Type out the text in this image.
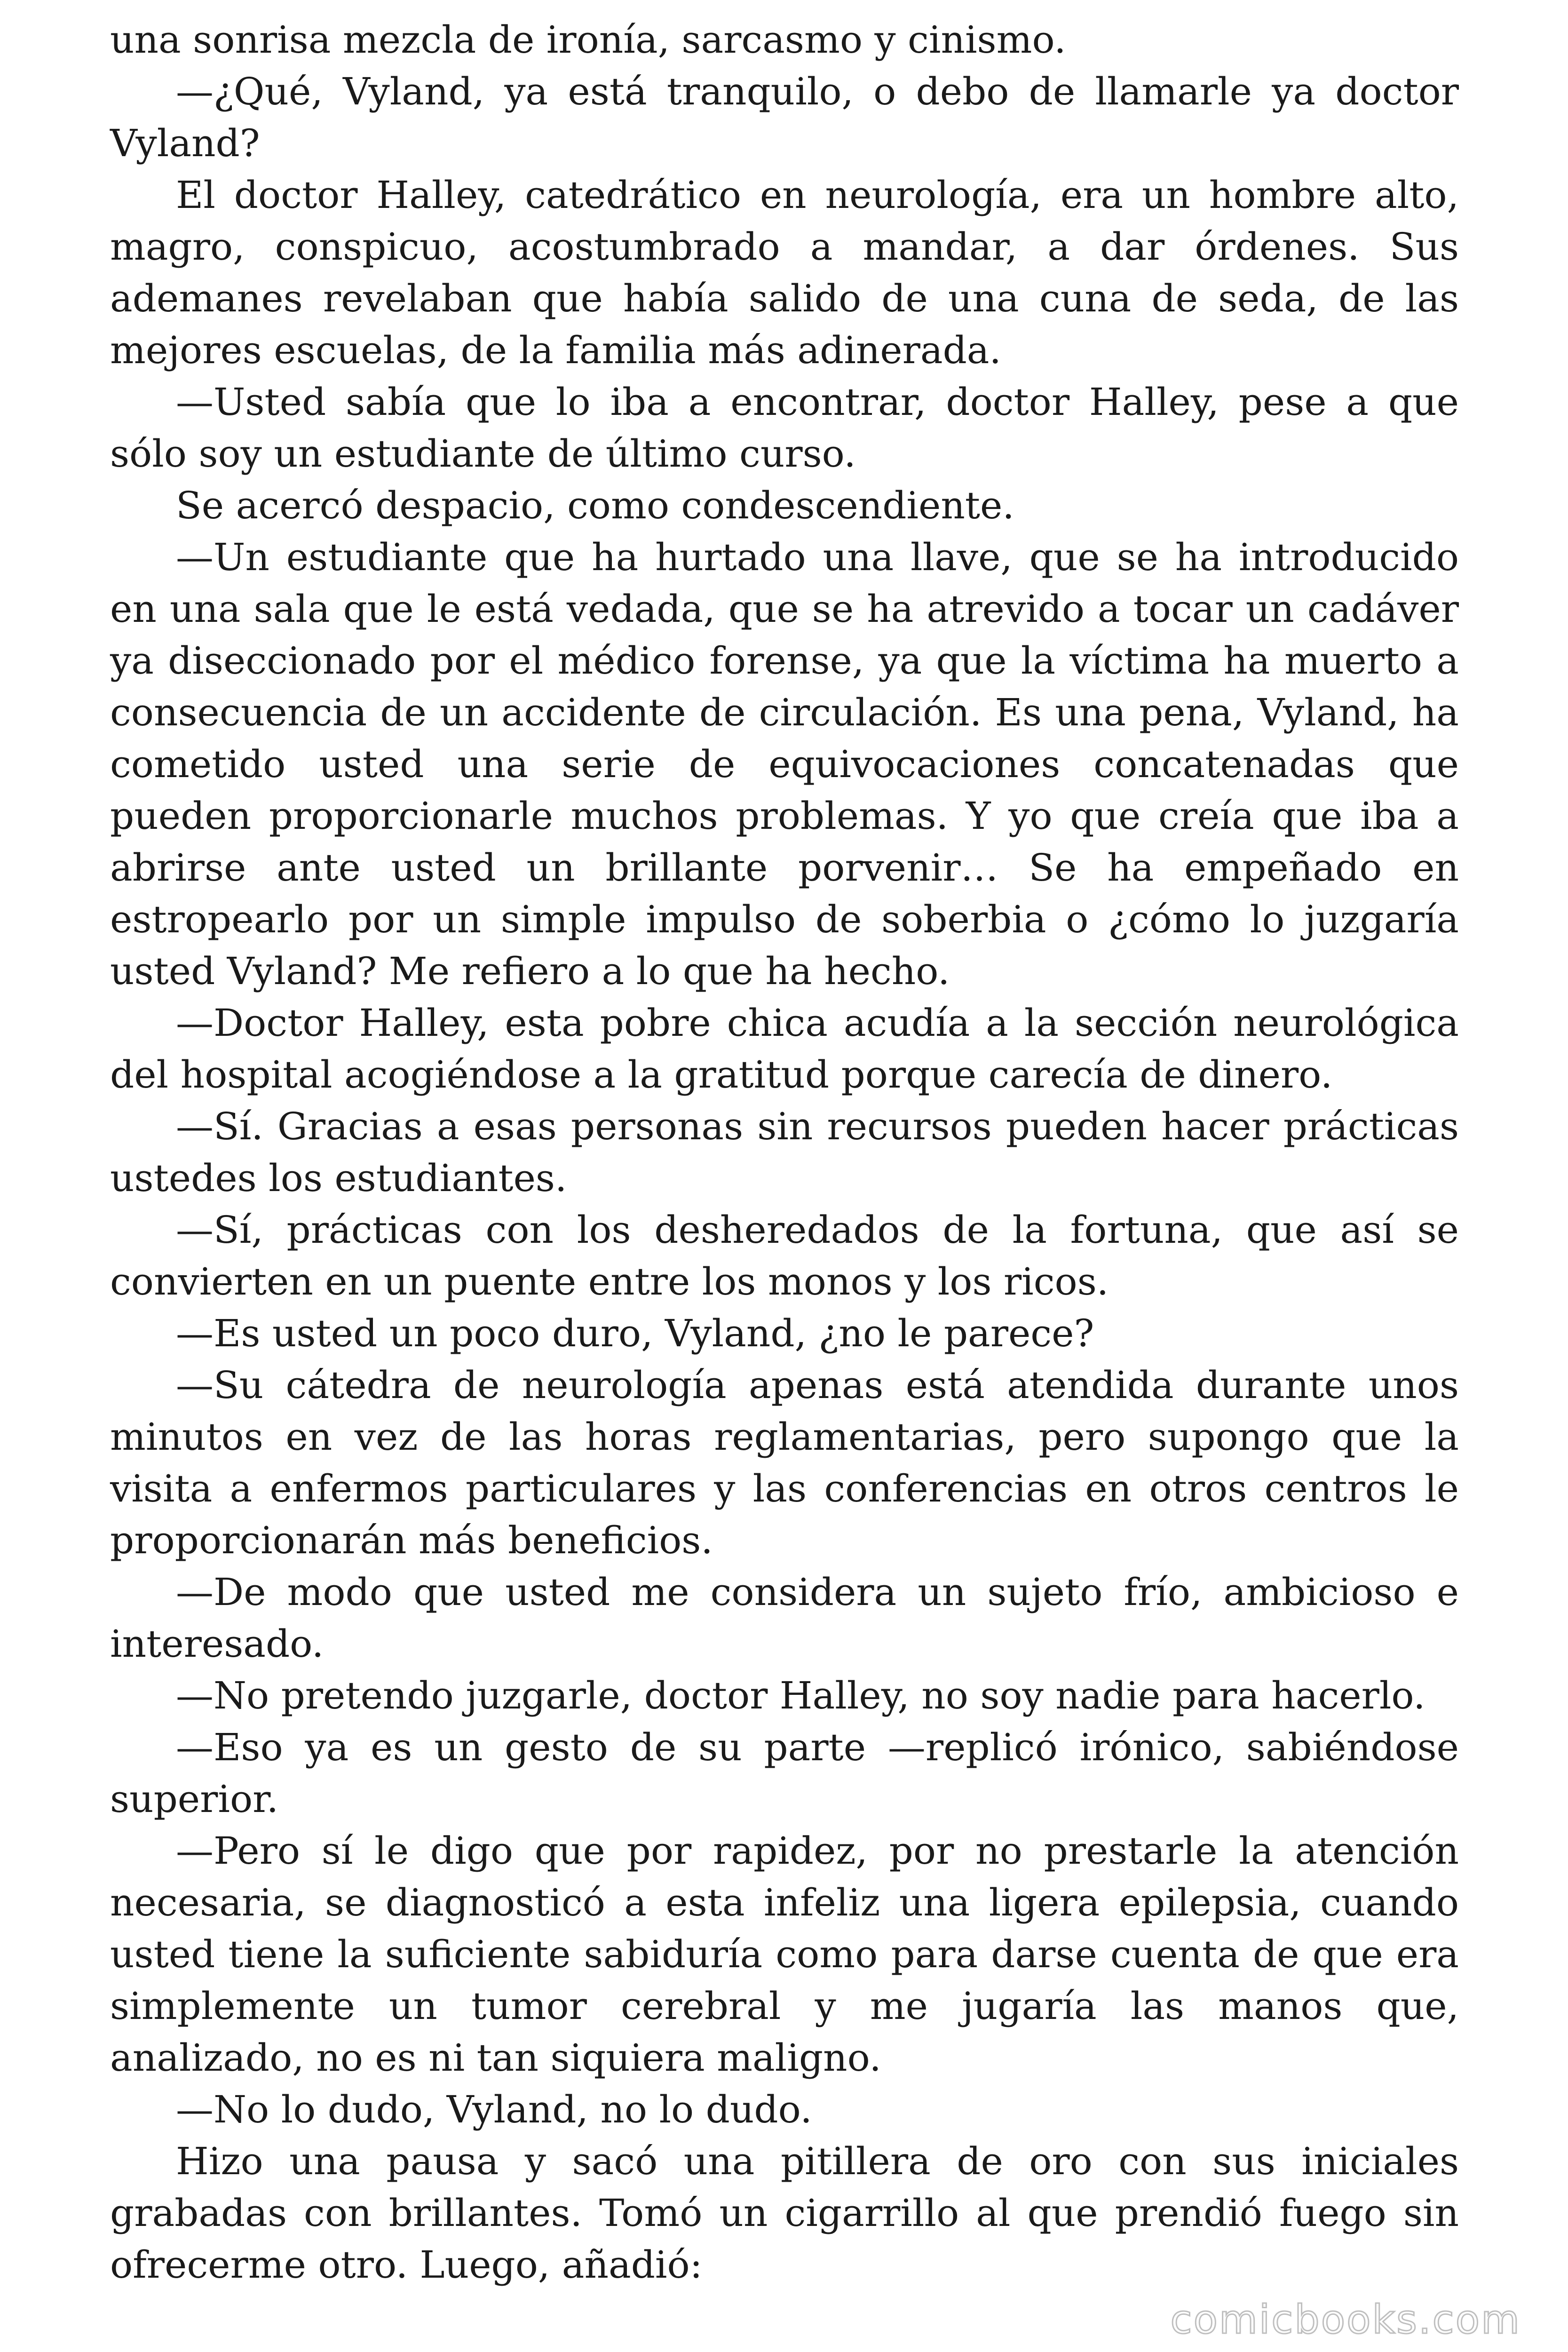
una sonrisa mezcla de ironía, sarcasmo y cinismo.

—¿Qué, Vyland, ya está tranquilo, o debo de llamarle ya doctor Vyland?

El doctor Halley, catedrático en neurología, era un hombre alto, magro, conspicuo, acostumbrado a mandar, a dar órdenes. Sus ademanes revelaban que había salido de una cuna de seda, de las mejores escuelas, de la familia más adinerada.

—Usted sabía que lo iba a encontrar, doctor Halley, pese a que sólo soy un estudiante de último curso.

Se acercó despacio, como condescendiente.

—Un estudiante que ha hurtado una llave, que se ha introducido en una sala que le está vedada, que se ha atrevido a tocar un cadáver ya diseccionado por el médico forense, ya que la víctima ha muerto a consecuencia de un accidente de circulación. Es una pena, Vyland, ha cometido usted una serie de equivocaciones concatenadas que pueden proporcionarle muchos problemas. Y yo que creía que iba a abrirse ante usted un brillante porvenir… Se ha empeñado en estropearlo por un simple impulso de soberbia o ¿cómo lo juzgaría usted Vyland? Me refiero a lo que ha hecho.

—Doctor Halley, esta pobre chica acudía a la sección neurológica del hospital acogiéndose a la gratitud porque carecía de dinero.

—Sí. Gracias a esas personas sin recursos pueden hacer prácticas ustedes los estudiantes.

—Sí, prácticas con los desheredados de la fortuna, que así se convierten en un puente entre los monos y los ricos.

—Es usted un poco duro, Vyland, ¿no le parece?

—Su cátedra de neurología apenas está atendida durante unos minutos en vez de las horas reglamentarias, pero supongo que la visita a enfermos particulares y las conferencias en otros centros le proporcionarán más beneficios.

—De modo que usted me considera un sujeto frío, ambicioso e interesado.

—No pretendo juzgarle, doctor Halley, no soy nadie para hacerlo.

—Eso ya es un gesto de su parte —replicó irónico, sabiéndose superior.

—Pero sí le digo que por rapidez, por no prestarle la atención necesaria, se diagnosticó a esta infeliz una ligera epilepsia, cuando usted tiene la suficiente sabiduría como para darse cuenta de que era simplemente un tumor cerebral y me jugaría las manos que, analizado, no es ni tan siquiera maligno.

—No lo dudo, Vyland, no lo dudo.

Hizo una pausa y sacó una pitillera de oro con sus iniciales grabadas con brillantes. Tomó un cigarrillo al que prendió fuego sin ofrecerme otro. Luego, añadió:

comicbooks.com
